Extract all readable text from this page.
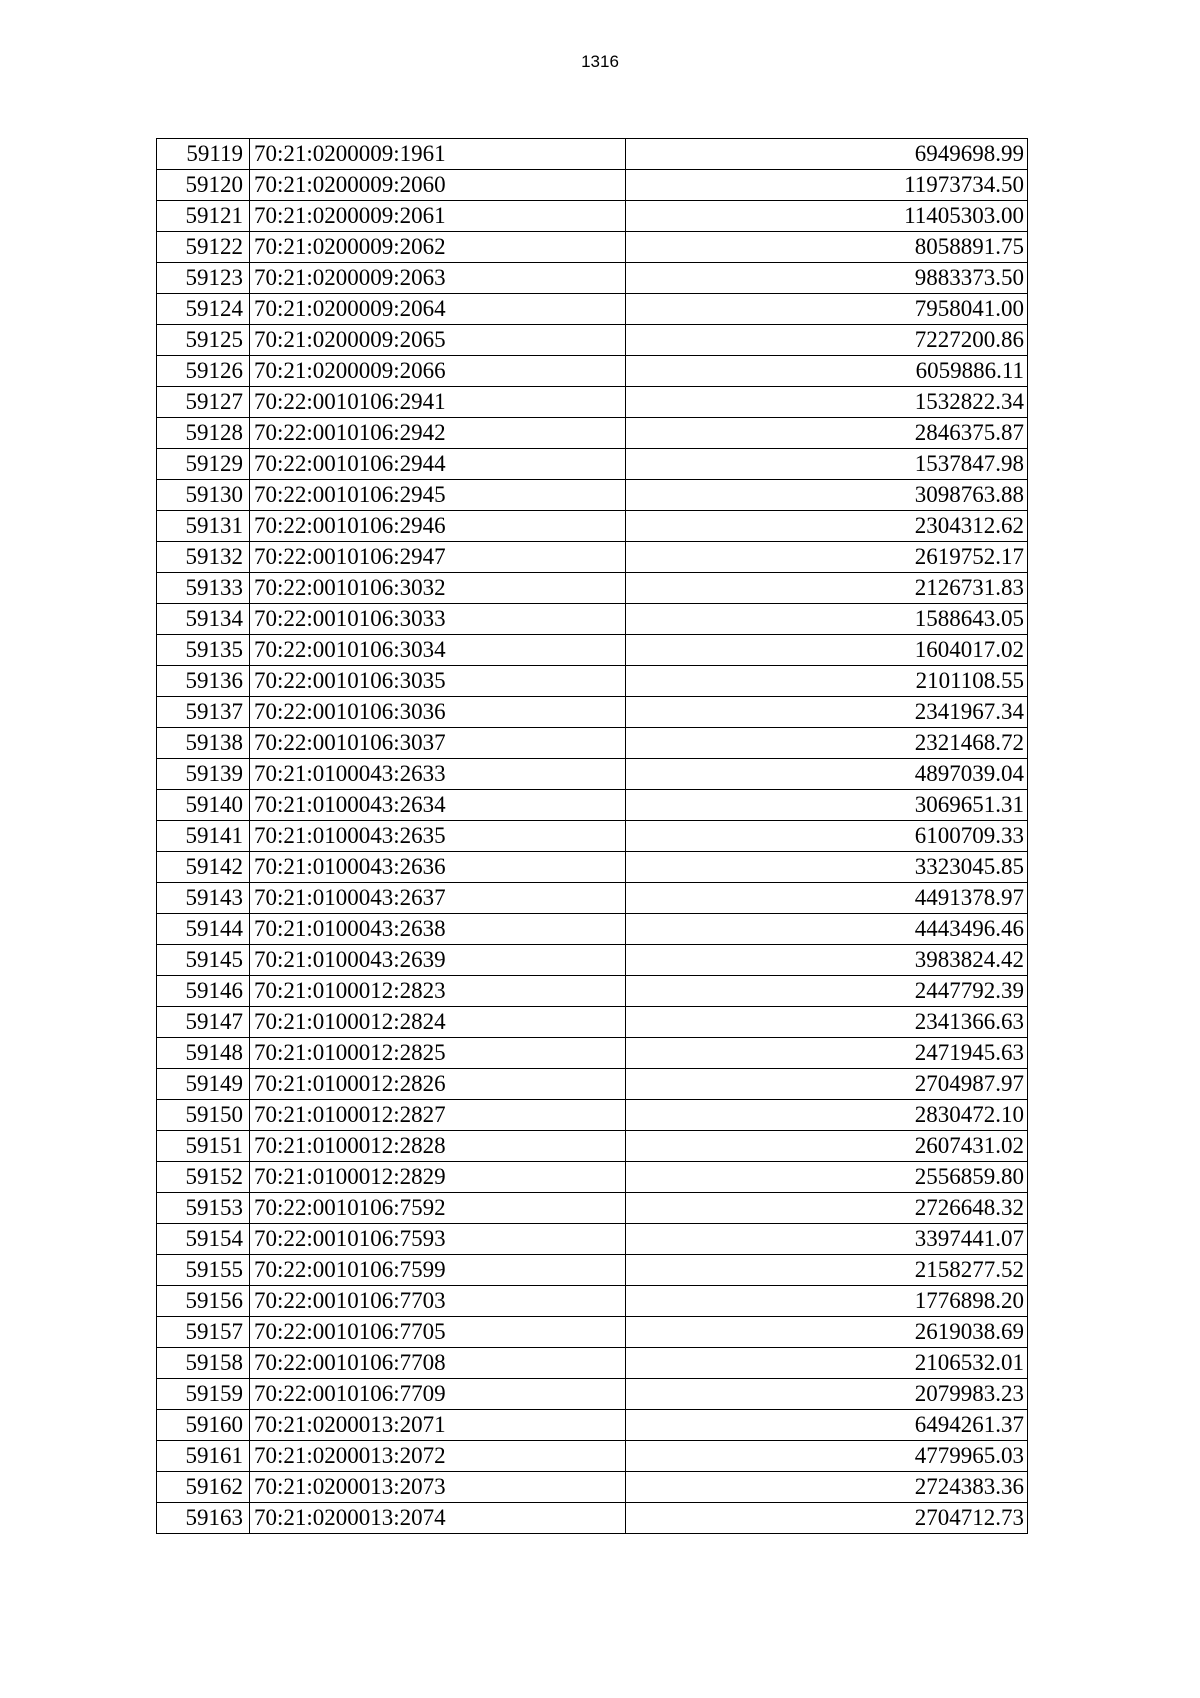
1316
59119	70:21:0200009:1961	6949698.99
59120	70:21:0200009:2060	11973734.50
59121	70:21:0200009:2061	11405303.00
59122	70:21:0200009:2062	8058891.75
59123	70:21:0200009:2063	9883373.50
59124	70:21:0200009:2064	7958041.00
59125	70:21:0200009:2065	7227200.86
59126	70:21:0200009:2066	6059886.11
59127	70:22:0010106:2941	1532822.34
59128	70:22:0010106:2942	2846375.87
59129	70:22:0010106:2944	1537847.98
59130	70:22:0010106:2945	3098763.88
59131	70:22:0010106:2946	2304312.62
59132	70:22:0010106:2947	2619752.17
59133	70:22:0010106:3032	2126731.83
59134	70:22:0010106:3033	1588643.05
59135	70:22:0010106:3034	1604017.02
59136	70:22:0010106:3035	2101108.55
59137	70:22:0010106:3036	2341967.34
59138	70:22:0010106:3037	2321468.72
59139	70:21:0100043:2633	4897039.04
59140	70:21:0100043:2634	3069651.31
59141	70:21:0100043:2635	6100709.33
59142	70:21:0100043:2636	3323045.85
59143	70:21:0100043:2637	4491378.97
59144	70:21:0100043:2638	4443496.46
59145	70:21:0100043:2639	3983824.42
59146	70:21:0100012:2823	2447792.39
59147	70:21:0100012:2824	2341366.63
59148	70:21:0100012:2825	2471945.63
59149	70:21:0100012:2826	2704987.97
59150	70:21:0100012:2827	2830472.10
59151	70:21:0100012:2828	2607431.02
59152	70:21:0100012:2829	2556859.80
59153	70:22:0010106:7592	2726648.32
59154	70:22:0010106:7593	3397441.07
59155	70:22:0010106:7599	2158277.52
59156	70:22:0010106:7703	1776898.20
59157	70:22:0010106:7705	2619038.69
59158	70:22:0010106:7708	2106532.01
59159	70:22:0010106:7709	2079983.23
59160	70:21:0200013:2071	6494261.37
59161	70:21:0200013:2072	4779965.03
59162	70:21:0200013:2073	2724383.36
59163	70:21:0200013:2074	2704712.73
